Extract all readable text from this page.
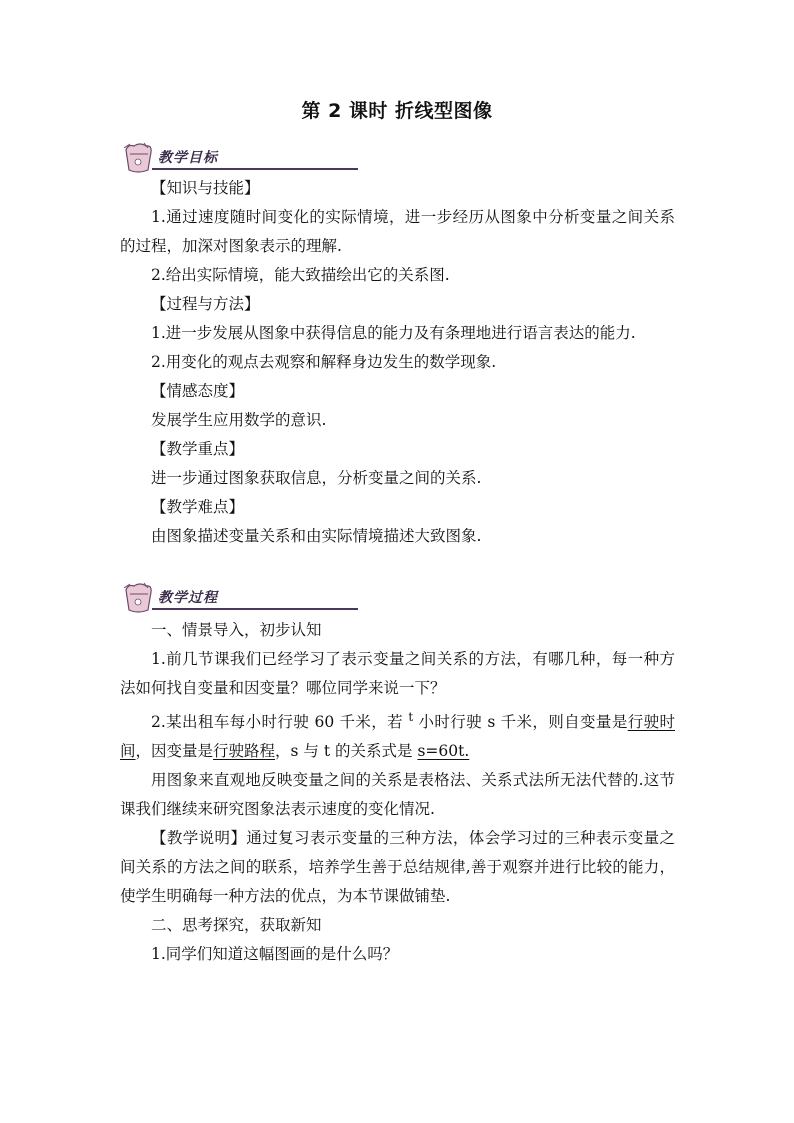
第 2 课时 折线型图像
教学目标

【知识与技能】

1.通过速度随时间变化的实际情境，进一步经历从图象中分析变量之间关系的过程，加深对图象表示的理解.

2.给出实际情境，能大致描绘出它的关系图.

【过程与方法】

1.进一步发展从图象中获得信息的能力及有条理地进行语言表达的能力.

2.用变化的观点去观察和解释身边发生的数学现象.

【情感态度】

发展学生应用数学的意识.

【教学重点】

进一步通过图象获取信息，分析变量之间的关系.

【教学难点】

由图象描述变量关系和由实际情境描述大致图象.

教学过程

一、情景导入，初步认知

1.前几节课我们已经学习了表示变量之间关系的方法，有哪几种，每一种方法如何找自变量和因变量？哪位同学来说一下？

2.某出租车每小时行驶 60 千米，若 $^t$ 小时行驶 s 千米，则自变量是行驶时间，因变量是行驶路程，s 与 t 的关系式是 s=60t.

用图象来直观地反映变量之间的关系是表格法、关系式法所无法代替的.这节课我们继续来研究图象法表示速度的变化情况.

【教学说明】通过复习表示变量的三种方法，体会学习过的三种表示变量之间关系的方法之间的联系，培养学生善于总结规律,善于观察并进行比较的能力，使学生明确每一种方法的优点，为本节课做铺垫.

二、思考探究，获取新知

1.同学们知道这幅图画的是什么吗？
